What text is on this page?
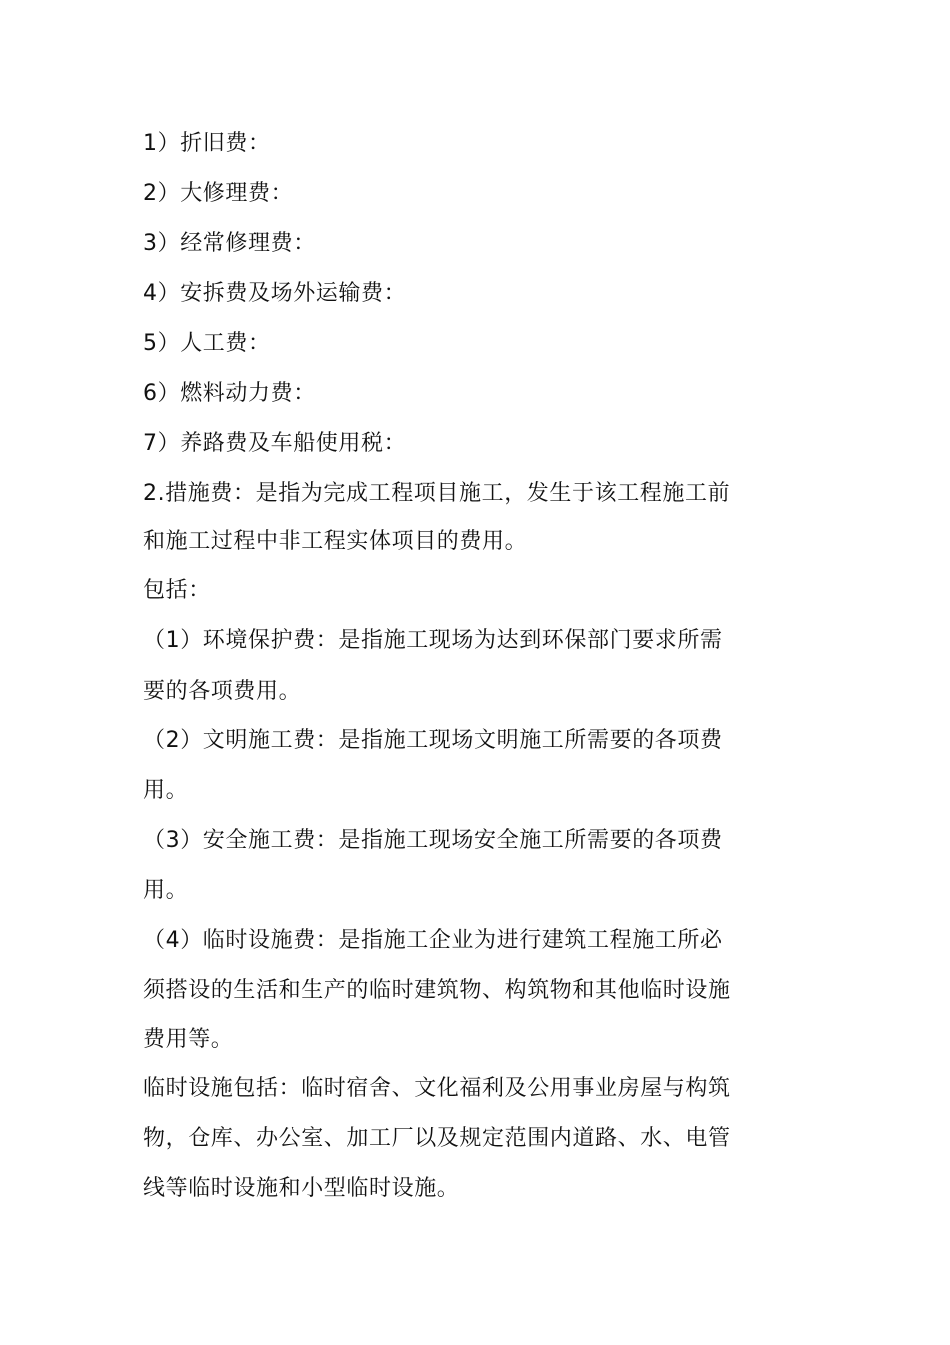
1）折旧费：
2）大修理费：
3）经常修理费：
4）安拆费及场外运输费：
5）人工费：
6）燃料动力费：
7）养路费及车船使用税：
2.措施费：是指为完成工程项目施工，发生于该工程施工前
和施工过程中非工程实体项目的费用。
包括：
（1）环境保护费：是指施工现场为达到环保部门要求所需
要的各项费用。
（2）文明施工费：是指施工现场文明施工所需要的各项费
用。
（3）安全施工费：是指施工现场安全施工所需要的各项费
用。
（4）临时设施费：是指施工企业为进行建筑工程施工所必
须搭设的生活和生产的临时建筑物、构筑物和其他临时设施
费用等。
临时设施包括：临时宿舍、文化福利及公用事业房屋与构筑
物，仓库、办公室、加工厂以及规定范围内道路、水、电管
线等临时设施和小型临时设施。
